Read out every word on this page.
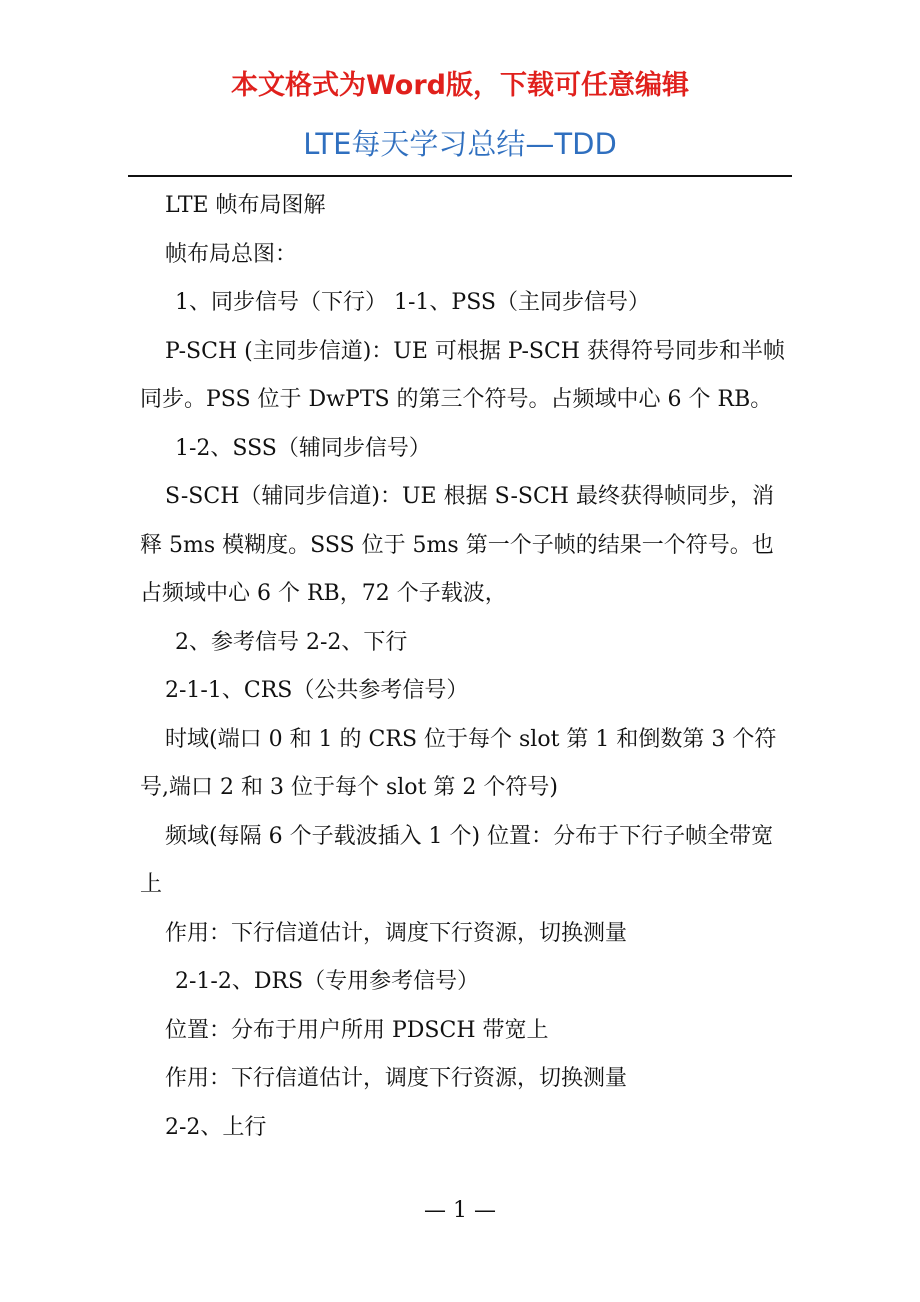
本文格式为Word版，下载可任意编辑
LTE每天学习总结—TDD

LTE 帧布局图解

帧布局总图：

1、同步信号（下行） 1-1、PSS（主同步信号）

P-SCH (主同步信道)：UE 可根据 P-SCH 获得符号同步和半帧同步。PSS 位于 DwPTS 的第三个符号。占频域中心 6 个 RB。

1-2、SSS（辅同步信号）

S-SCH（辅同步信道)：UE 根据 S-SCH 最终获得帧同步，消释 5ms 模糊度。SSS 位于 5ms 第一个子帧的结果一个符号。也占频域中心 6 个 RB，72 个子载波，

2、参考信号 2-2、下行

2-1-1、CRS（公共参考信号）

时域(端口 0 和 1 的 CRS 位于每个 slot 第 1 和倒数第 3 个符号,端口 2 和 3 位于每个 slot 第 2 个符号)

频域(每隔 6 个子载波插入 1 个) 位置：分布于下行子帧全带宽上

作用：下行信道估计，调度下行资源，切换测量

2-1-2、DRS（专用参考信号）

位置：分布于用户所用 PDSCH 带宽上

作用：下行信道估计，调度下行资源，切换测量

2-2、上行

— 1 —
